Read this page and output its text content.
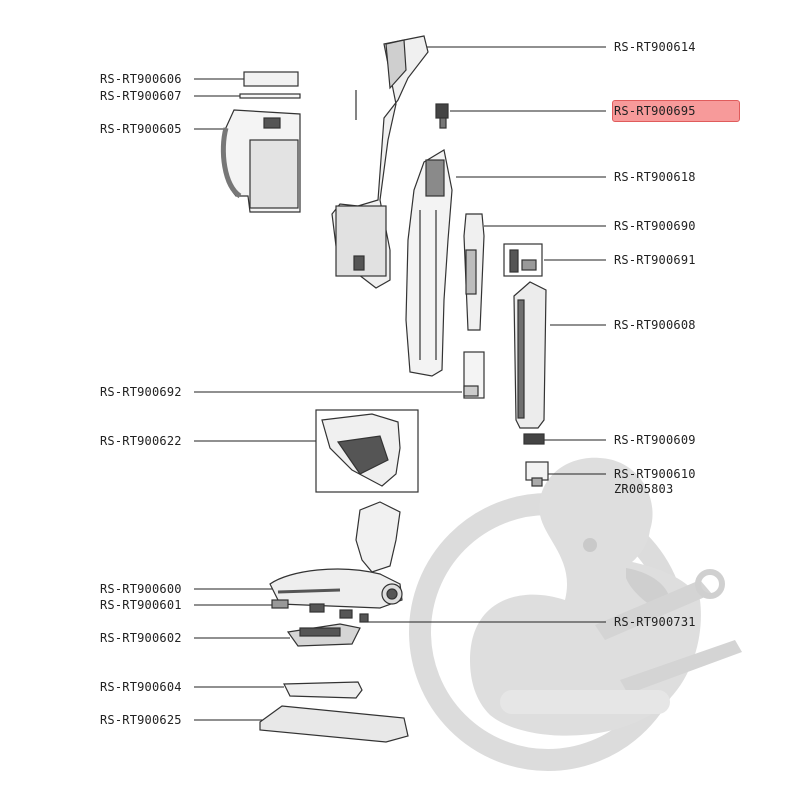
RS-RT900606
RS-RT900607
RS-RT900605
RS-RT900692
RS-RT900622
RS-RT900600
RS-RT900601
RS-RT900602
RS-RT900604
RS-RT900625
RS-RT900614
RS-RT900695
RS-RT900618
RS-RT900690
RS-RT900691
RS-RT900608
RS-RT900609
RS-RT900610
ZR005803
RS-RT900731
